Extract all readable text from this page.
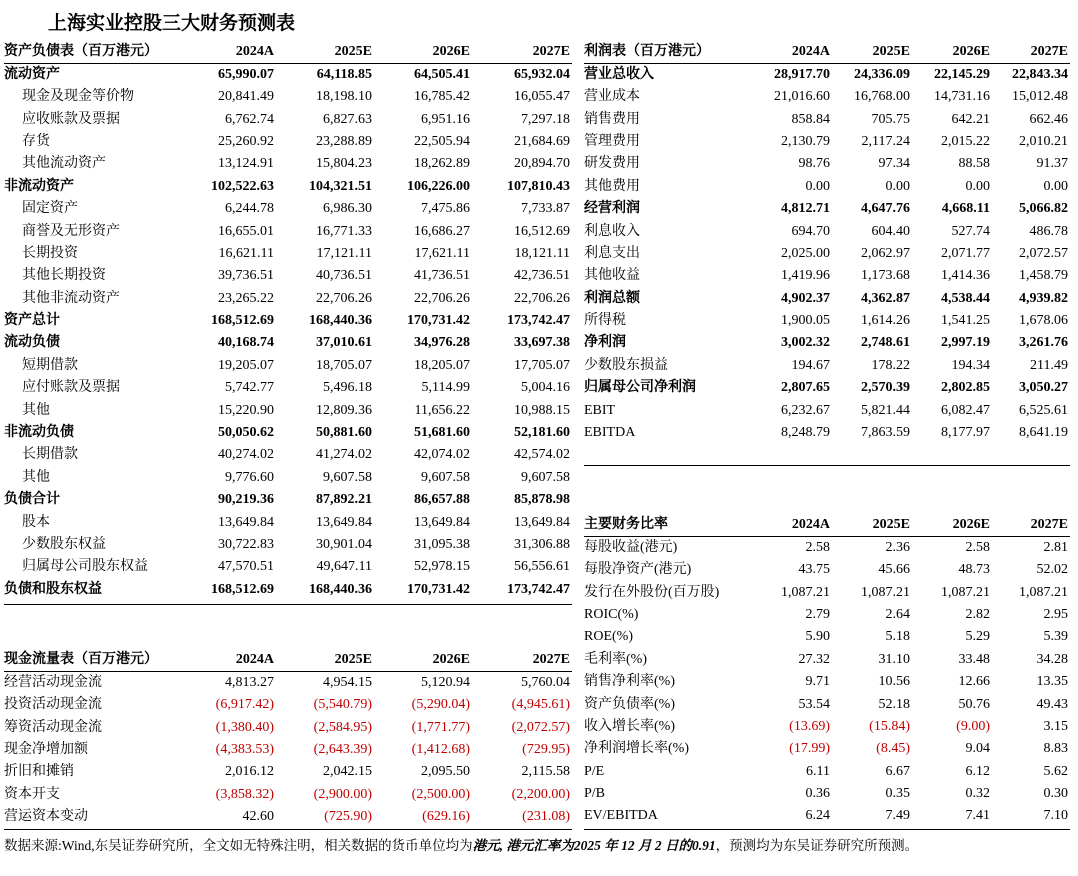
上海实业控股三大财务预测表
资产负债表（百万港元）	2024A	2025E	2026E	2027E
流动资产	65,990.07	64,118.85	64,505.41	65,932.04
现金及现金等价物	20,841.49	18,198.10	16,785.42	16,055.47
应收账款及票据	6,762.74	6,827.63	6,951.16	7,297.18
存货	25,260.92	23,288.89	22,505.94	21,684.69
其他流动资产	13,124.91	15,804.23	18,262.89	20,894.70
非流动资产	102,522.63	104,321.51	106,226.00	107,810.43
固定资产	6,244.78	6,986.30	7,475.86	7,733.87
商誉及无形资产	16,655.01	16,771.33	16,686.27	16,512.69
长期投资	16,621.11	17,121.11	17,621.11	18,121.11
其他长期投资	39,736.51	40,736.51	41,736.51	42,736.51
其他非流动资产	23,265.22	22,706.26	22,706.26	22,706.26
资产总计	168,512.69	168,440.36	170,731.42	173,742.47
流动负债	40,168.74	37,010.61	34,976.28	33,697.38
短期借款	19,205.07	18,705.07	18,205.07	17,705.07
应付账款及票据	5,742.77	5,496.18	5,114.99	5,004.16
其他	15,220.90	12,809.36	11,656.22	10,988.15
非流动负债	50,050.62	50,881.60	51,681.60	52,181.60
长期借款	40,274.02	41,274.02	42,074.02	42,574.02
其他	9,776.60	9,607.58	9,607.58	9,607.58
负债合计	90,219.36	87,892.21	86,657.88	85,878.98
股本	13,649.84	13,649.84	13,649.84	13,649.84
少数股东权益	30,722.83	30,901.04	31,095.38	31,306.88
归属母公司股东权益	47,570.51	49,647.11	52,978.15	56,556.61
负债和股东权益	168,512.69	168,440.36	170,731.42	173,742.47
现金流量表（百万港元）	2024A	2025E	2026E	2027E
经营活动现金流	4,813.27	4,954.15	5,120.94	5,760.04
投资活动现金流	(6,917.42)	(5,540.79)	(5,290.04)	(4,945.61)
筹资活动现金流	(1,380.40)	(2,584.95)	(1,771.77)	(2,072.57)
现金净增加额	(4,383.53)	(2,643.39)	(1,412.68)	(729.95)
折旧和摊销	2,016.12	2,042.15	2,095.50	2,115.58
资本开支	(3,858.32)	(2,900.00)	(2,500.00)	(2,200.00)
营运资本变动	42.60	(725.90)	(629.16)	(231.08)
利润表（百万港元）	2024A	2025E	2026E	2027E
营业总收入	28,917.70	24,336.09	22,145.29	22,843.34
营业成本	21,016.60	16,768.00	14,731.16	15,012.48
销售费用	858.84	705.75	642.21	662.46
管理费用	2,130.79	2,117.24	2,015.22	2,010.21
研发费用	98.76	97.34	88.58	91.37
其他费用	0.00	0.00	0.00	0.00
经营利润	4,812.71	4,647.76	4,668.11	5,066.82
利息收入	694.70	604.40	527.74	486.78
利息支出	2,025.00	2,062.97	2,071.77	2,072.57
其他收益	1,419.96	1,173.68	1,414.36	1,458.79
利润总额	4,902.37	4,362.87	4,538.44	4,939.82
所得税	1,900.05	1,614.26	1,541.25	1,678.06
净利润	3,002.32	2,748.61	2,997.19	3,261.76
少数股东损益	194.67	178.22	194.34	211.49
归属母公司净利润	2,807.65	2,570.39	2,802.85	3,050.27
EBIT	6,232.67	5,821.44	6,082.47	6,525.61
EBITDA	8,248.79	7,863.59	8,177.97	8,641.19
主要财务比率	2024A	2025E	2026E	2027E
每股收益(港元)	2.58	2.36	2.58	2.81
每股净资产(港元)	43.75	45.66	48.73	52.02
发行在外股份(百万股)	1,087.21	1,087.21	1,087.21	1,087.21
ROIC(%)	2.79	2.64	2.82	2.95
ROE(%)	5.90	5.18	5.29	5.39
毛利率(%)	27.32	31.10	33.48	34.28
销售净利率(%)	9.71	10.56	12.66	13.35
资产负债率(%)	53.54	52.18	50.76	49.43
收入增长率(%)	(13.69)	(15.84)	(9.00)	3.15
净利润增长率(%)	(17.99)	(8.45)	9.04	8.83
P/E	6.11	6.67	6.12	5.62
P/B	0.36	0.35	0.32	0.30
EV/EBITDA	6.24	7.49	7.41	7.10
数据来源:Wind,东吴证券研究所，全文如无特殊注明，相关数据的货币单位均为港元, 港元汇率为2025 年 12 月 2 日的0.91，预测均为东吴证券研究所预测。
